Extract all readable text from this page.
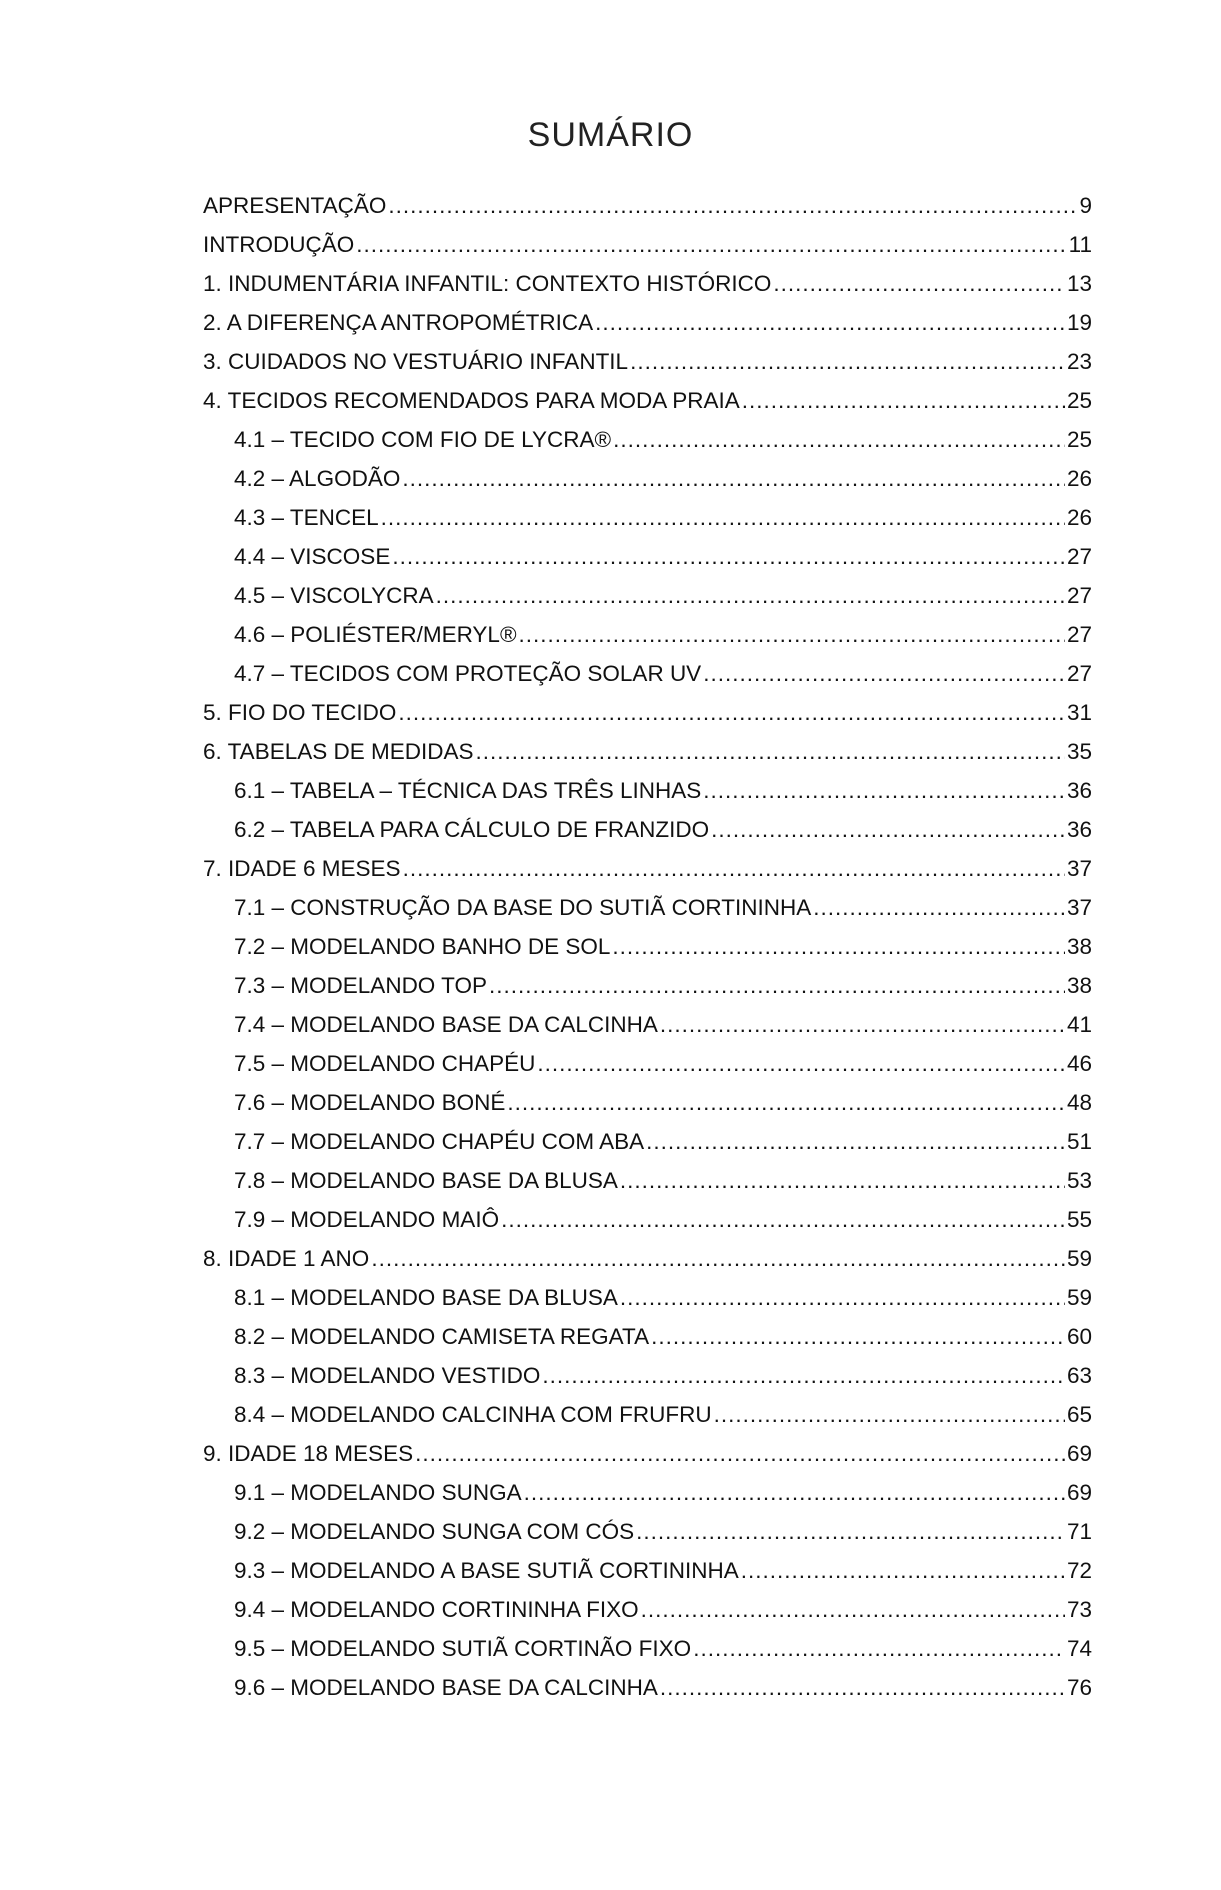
SUMÁRIO
APRESENTAÇÃO .....	9
INTRODUÇÃO .....	11
1. INDUMENTÁRIA INFANTIL: CONTEXTO HISTÓRICO .....	13
2. A DIFERENÇA ANTROPOMÉTRICA .....	19
3. CUIDADOS NO VESTUÁRIO INFANTIL .....	23
4. TECIDOS RECOMENDADOS PARA MODA PRAIA .....	25
4.1 – TECIDO COM FIO DE LYCRA® .....	25
4.2 – ALGODÃO .....	26
4.3 – TENCEL .....	26
4.4 – VISCOSE .....	27
4.5 – VISCOLYCRA .....	27
4.6 – POLIÉSTER/MERYL® .....	27
4.7 – TECIDOS COM PROTEÇÃO SOLAR UV .....	27
5. FIO DO TECIDO .....	31
6. TABELAS DE MEDIDAS .....	35
6.1 – TABELA – TÉCNICA DAS TRÊS LINHAS .....	36
6.2 – TABELA PARA CÁLCULO DE FRANZIDO .....	36
7. IDADE 6 MESES .....	37
7.1 – CONSTRUÇÃO DA BASE DO SUTIÃ CORTININHA .....	37
7.2 – MODELANDO BANHO DE SOL .....	38
7.3 – MODELANDO TOP .....	38
7.4 – MODELANDO BASE DA CALCINHA .....	41
7.5 – MODELANDO CHAPÉU .....	46
7.6 – MODELANDO BONÉ .....	48
7.7 – MODELANDO CHAPÉU COM ABA .....	51
7.8 – MODELANDO BASE DA BLUSA .....	53
7.9 – MODELANDO MAIÔ .....	55
8. IDADE 1 ANO .....	59
8.1 – MODELANDO BASE DA BLUSA .....	59
8.2 – MODELANDO CAMISETA REGATA .....	60
8.3 – MODELANDO VESTIDO .....	63
8.4 – MODELANDO CALCINHA COM FRUFRU .....	65
9. IDADE 18 MESES .....	69
9.1 – MODELANDO SUNGA .....	69
9.2 – MODELANDO SUNGA COM CÓS .....	71
9.3 – MODELANDO A BASE SUTIÃ CORTININHA .....	72
9.4 – MODELANDO CORTININHA FIXO .....	73
9.5 – MODELANDO SUTIÃ CORTINÃO FIXO .....	74
9.6 – MODELANDO BASE DA CALCINHA .....	76
